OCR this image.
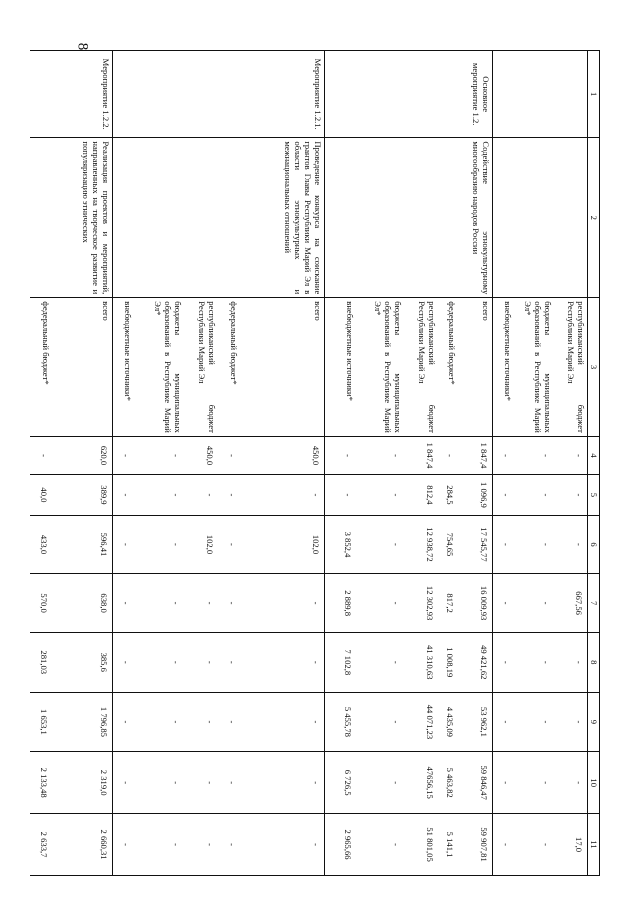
8
1	2	3	4	5	6	7	8	9	10	11
		республиканский бюджет Республики Марий Эл	-	-	-	667,56	-	-	-	17,0
		бюджеты муниципальных образований в Республике Марий Эл*	-	-	-	-	-	-	-	-
		внебюджетные источники*	-	-	-	-	-	-	-	-
Основное мероприятие 1.2.	Содействие этнокультурному многообразию народов России	всего	1 847,4	1 096,9	17 545,77	16 009,93	49 421,62	53 962,1	59 846,47	59 907,81
		федеральный бюджет*	-	284,5	754,65	817,2	1 008,19	4 435,09	5 463,82	5 141,1
		республиканский бюджет Республики Марий Эл	1 847,4	812,4	12 938,72	12 302,93	41 310,63	44 071,23	47656,15	51 801,05
		бюджеты муниципальных образований в Республике Марий Эл*	-	-	-	-	-	-	-	-
		внебюджетные источники*	-	-	3 852,4	2 889,8	7 102,8	5 455,78	6 726,5	2 965,66
Мероприятие 1.2.1.	Проведение конкурса на соискание грантов Главы Республики Марий Эл в области этнокультурных и межнациональных отношений	всего	450,0	-	102,0	-	-	-	-	-
		федеральный бюджет*	-	-	-	-	-	-	-	-
		республиканский бюджет Республики Марий Эл	450,0	-	102,0	-	-	-	-	-
		бюджеты муниципальных образований в Республике Марий Эл*	-	-	-	-	-	-	-	-
		внебюджетные источники*	-	-	-	-	-	-	-	-
Мероприятие 1.2.2.	Реализация проектов и мероприятий, направленных на творческое развитие и популяризацию этнических	всего	620,0	389,9	596,41	638,0	385,6	1 796,85	2 319,0	2 660,31
		федеральный бюджет*	-	40,0	433,0	570,0	281,03	1 653,1	2 133,48	2 633,7
